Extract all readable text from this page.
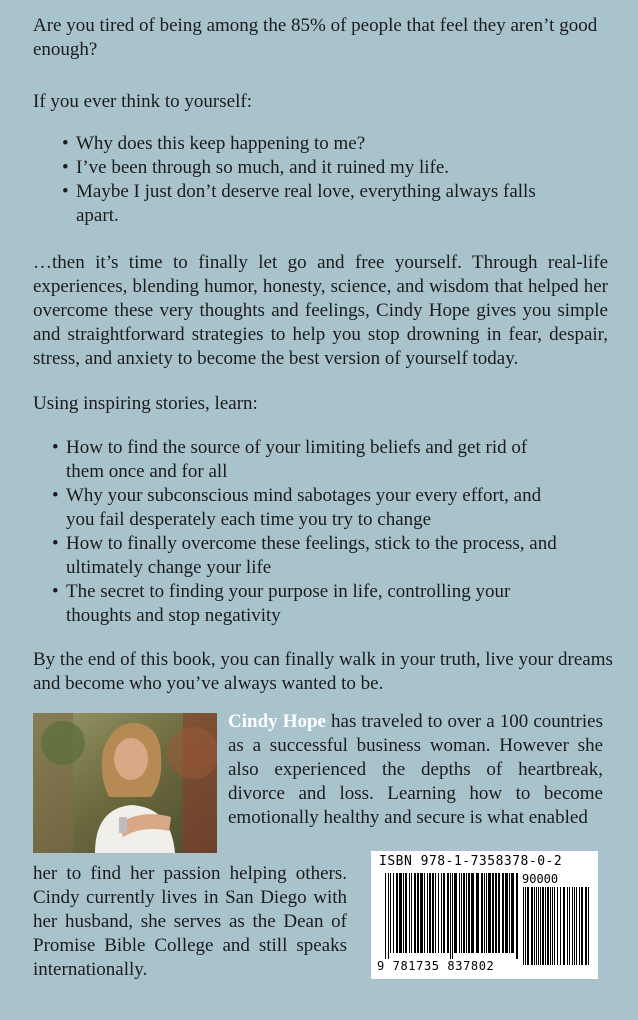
Are you tired of being among the 85% of people that feel they aren’t good enough?

If you ever think to yourself:

• Why does this keep happening to me?
• I’ve been through so much, and it ruined my life.
• Maybe I just don’t deserve real love, everything always falls apart.

…then it’s time to finally let go and free yourself. Through real-life experiences, blending humor, honesty, science, and wisdom that helped her overcome these very thoughts and feelings, Cindy Hope gives you simple and straightforward strategies to help you stop drowning in fear, despair, stress, and anxiety to become the best version of yourself today.

Using inspiring stories, learn:

• How to find the source of your limiting beliefs and get rid of them once and for all
• Why your subconscious mind sabotages your every effort, and you fail desperately each time you try to change
• How to finally overcome these feelings, stick to the process, and ultimately change your life
• The secret to finding your purpose in life, controlling your thoughts and stop negativity

By the end of this book, you can finally walk in your truth, live your dreams and become who you’ve always wanted to be.

Cindy Hope has traveled to over a 100 countries as a successful business woman. However she also experienced the depths of heartbreak, divorce and loss. Learning how to become emotionally healthy and secure is what enabled

her to find her passion helping others. Cindy currently lives in San Diego with her husband, she serves as the Dean of Promise Bible College and still speaks internationally.

ISBN 978-1-7358378-0-2
90000
9 781735 837802
